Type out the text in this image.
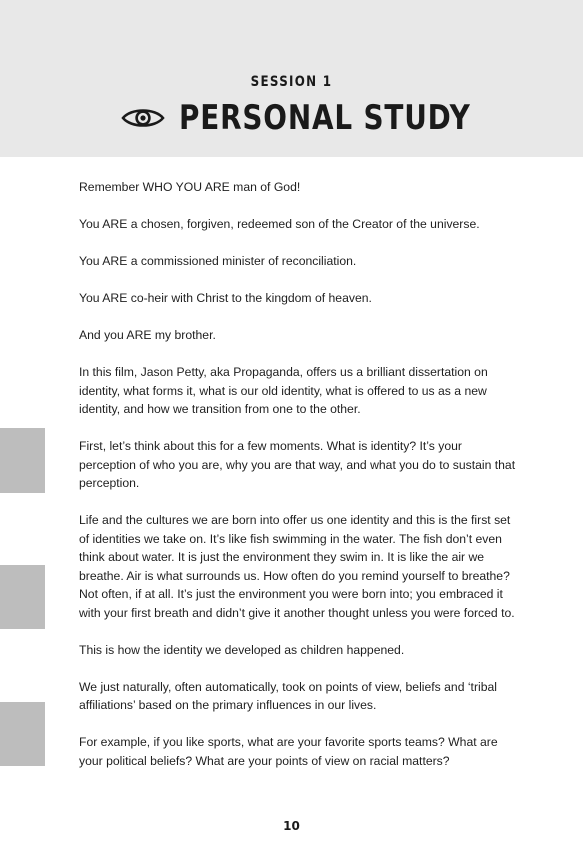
SESSION 1
PERSONAL STUDY

Remember WHO YOU ARE man of God!

You ARE a chosen, forgiven, redeemed son of the Creator of the universe.

You ARE a commissioned minister of reconciliation.

You ARE co-heir with Christ to the kingdom of heaven.

And you ARE my brother.

In this film, Jason Petty, aka Propaganda, offers us a brilliant dissertation on identity, what forms it, what is our old identity, what is offered to us as a new identity, and how we transition from one to the other.

First, let’s think about this for a few moments. What is identity? It’s your perception of who you are, why you are that way, and what you do to sustain that perception.

Life and the cultures we are born into offer us one identity and this is the first set of identities we take on. It’s like fish swimming in the water. The fish don’t even think about water. It is just the environment they swim in. It is like the air we breathe. Air is what surrounds us. How often do you remind yourself to breathe? Not often, if at all. It’s just the environment you were born into; you embraced it with your first breath and didn’t give it another thought unless you were forced to.

This is how the identity we developed as children happened.

We just naturally, often automatically, took on points of view, beliefs and ‘tribal affiliations’ based on the primary influences in our lives.

For example, if you like sports, what are your favorite sports teams? What are your political beliefs? What are your points of view on racial matters?

10
